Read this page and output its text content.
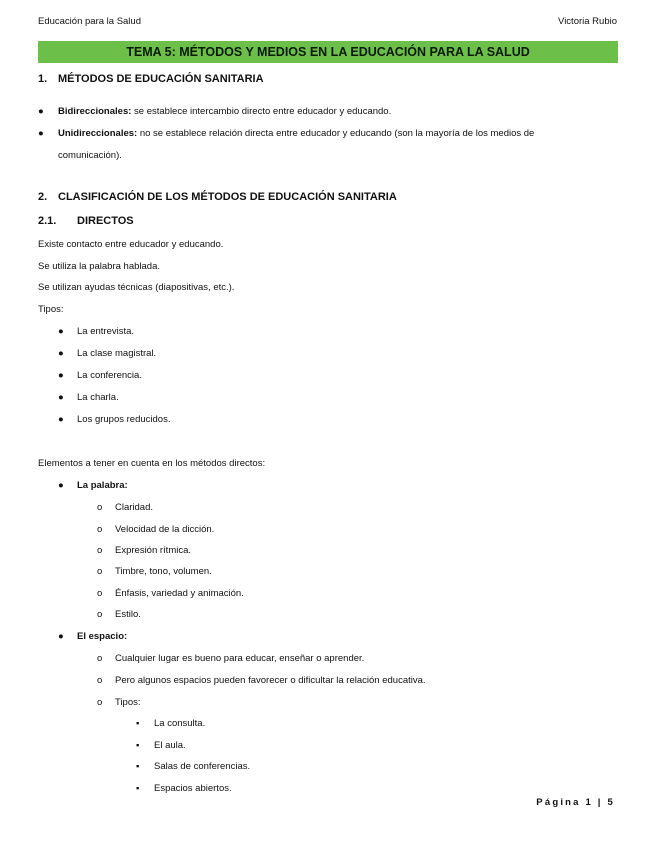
Educación para la Salud	Victoria Rubio
TEMA 5: MÉTODOS Y MEDIOS EN LA EDUCACIÓN PARA LA SALUD
1. MÉTODOS DE EDUCACIÓN SANITARIA
● Bidireccionales: se establece intercambio directo entre educador y educando.
● Unidireccionales: no se establece relación directa entre educador y educando (son la mayoría de los medios de comunicación).
2. CLASIFICACIÓN DE LOS MÉTODOS DE EDUCACIÓN SANITARIA
2.1. DIRECTOS
Existe contacto entre educador y educando.
Se utiliza la palabra hablada.
Se utilizan ayudas técnicas (diapositivas, etc.).
Tipos:
● La entrevista.
● La clase magistral.
● La conferencia.
● La charla.
● Los grupos reducidos.
Elementos a tener en cuenta en los métodos directos:
● La palabra:
o Claridad.
o Velocidad de la dicción.
o Expresión rítmica.
o Timbre, tono, volumen.
o Énfasis, variedad y animación.
o Estilo.
● El espacio:
o Cualquier lugar es bueno para educar, enseñar o aprender.
o Pero algunos espacios pueden favorecer o dificultar la relación educativa.
o Tipos:
▪ La consulta.
▪ El aula.
▪ Salas de conferencias.
▪ Espacios abiertos.
Página 1 | 5
